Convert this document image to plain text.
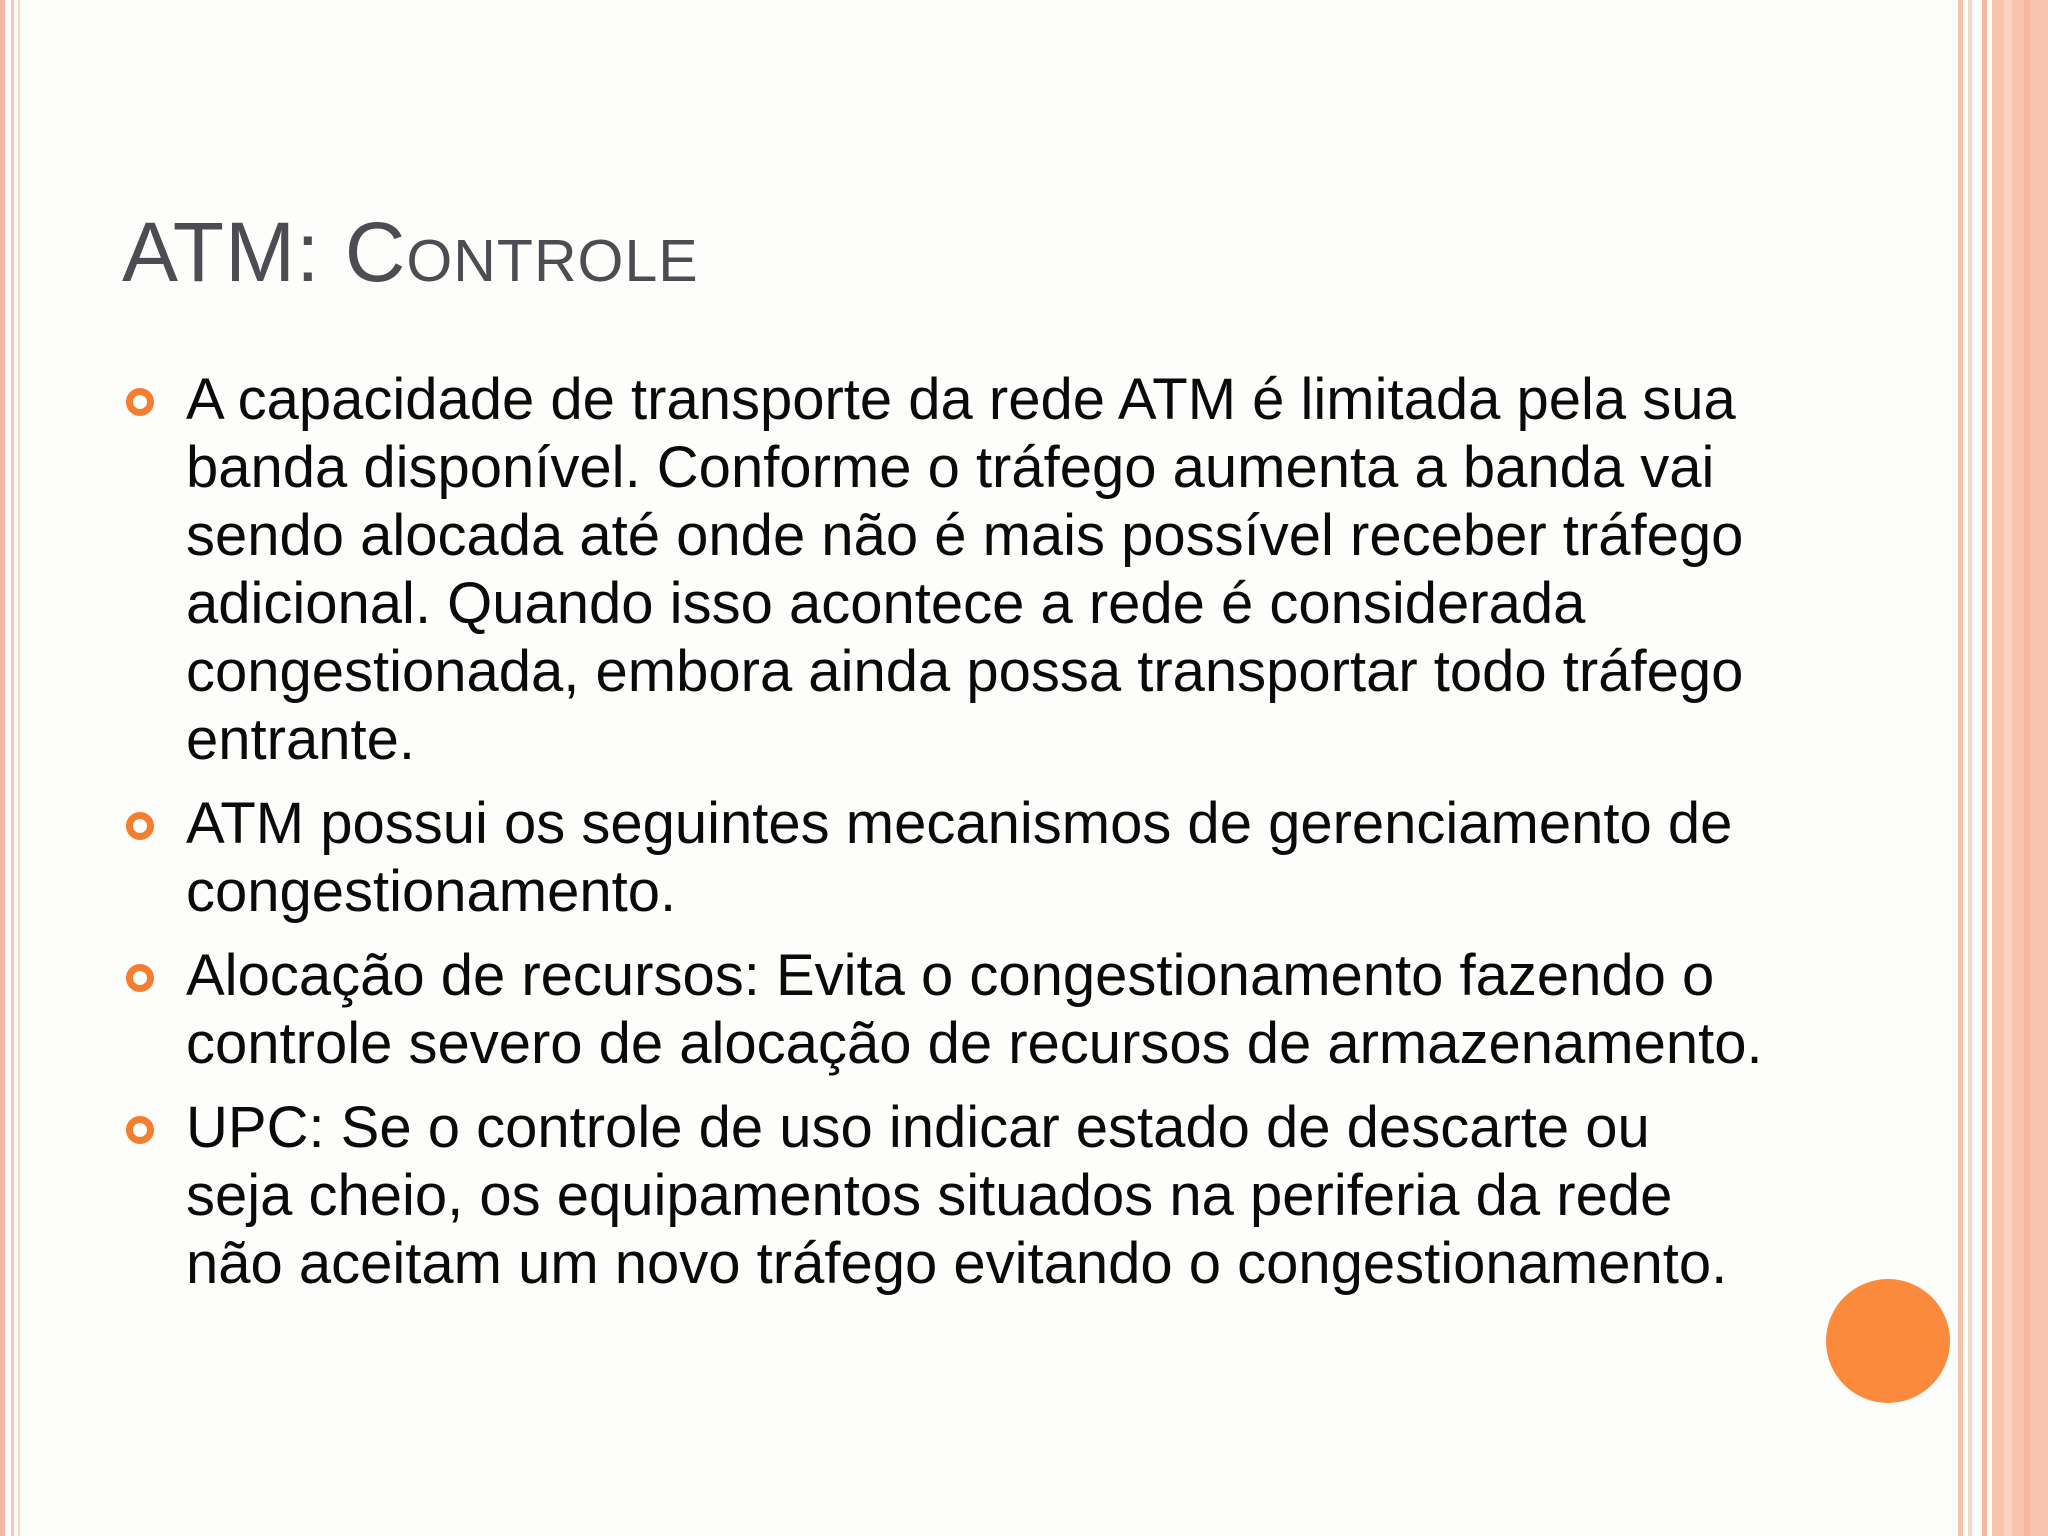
ATM: Controle
A capacidade de transporte da rede ATM é limitada pela sua banda disponível. Conforme o tráfego aumenta a banda vai sendo alocada até onde não é mais possível receber tráfego adicional. Quando isso acontece a rede é considerada congestionada, embora ainda possa transportar todo tráfego entrante.
ATM possui os seguintes mecanismos de gerenciamento de congestionamento.
Alocação de recursos: Evita o congestionamento fazendo o controle severo de alocação de recursos de armazenamento.
UPC: Se o controle de uso indicar estado de descarte ou seja cheio, os equipamentos situados na periferia da rede não aceitam um novo tráfego evitando o congestionamento.
